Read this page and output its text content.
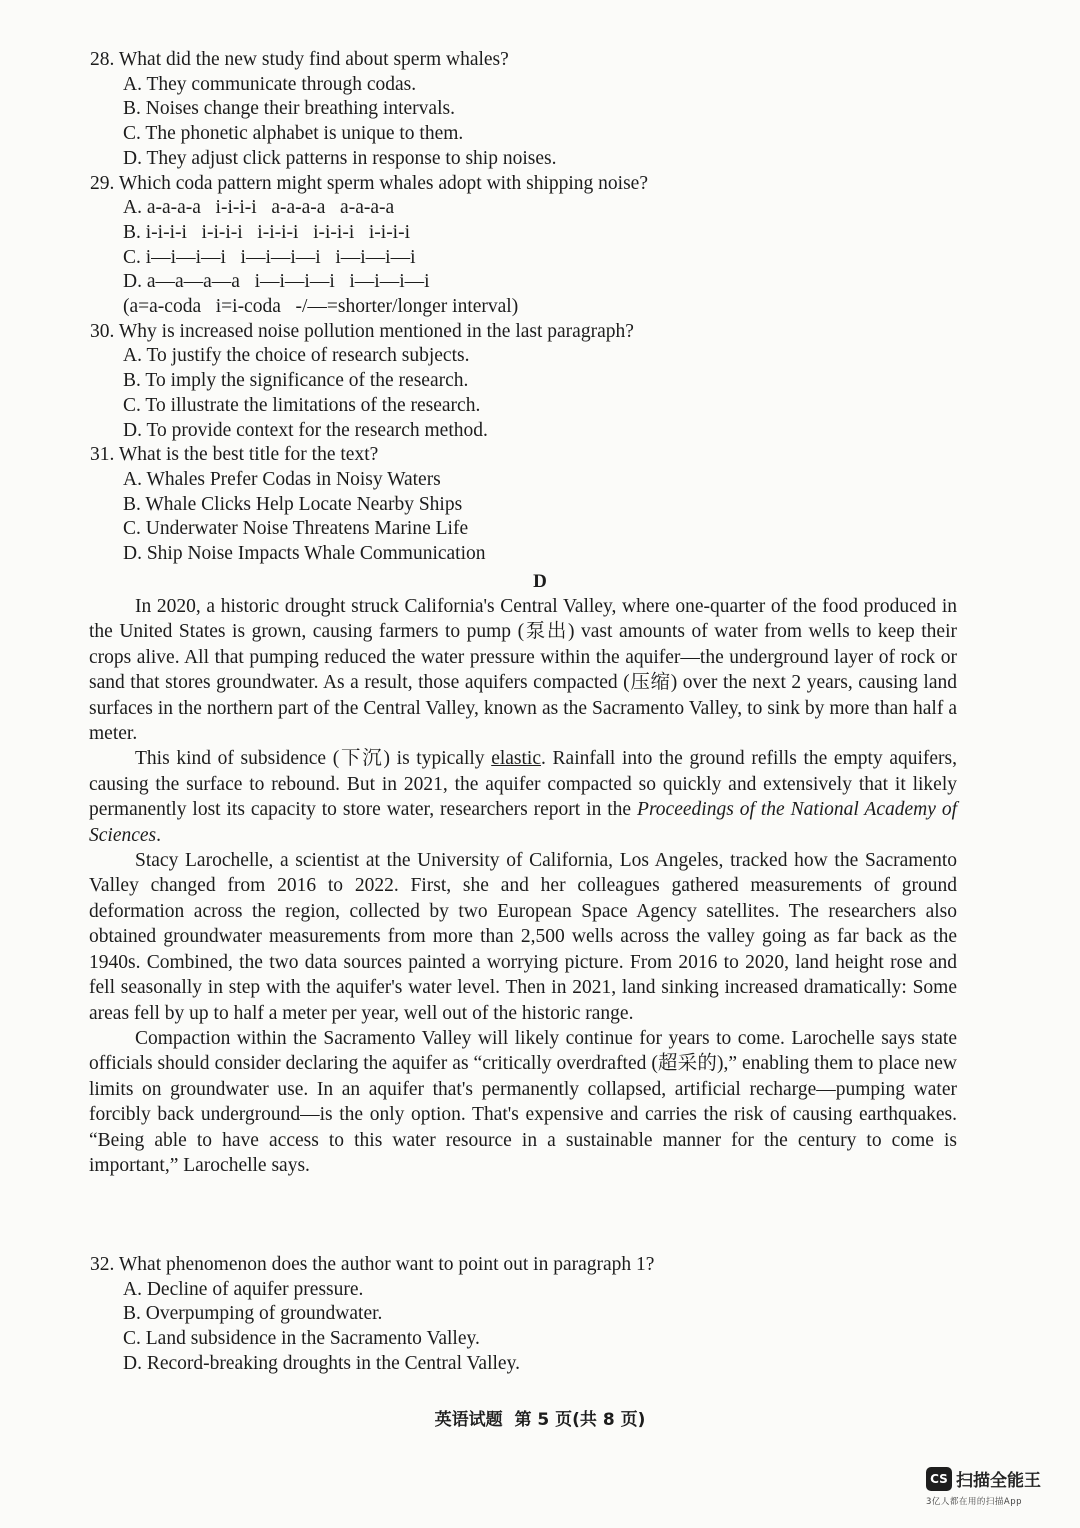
28. What did the new study find about sperm whales?
A. They communicate through codas.
B. Noises change their breathing intervals.
C. The phonetic alphabet is unique to them.
D. They adjust click patterns in response to ship noises.
29. Which coda pattern might sperm whales adopt with shipping noise?
A. a-a-a-a   i-i-i-i   a-a-a-a   a-a-a-a
B. i-i-i-i   i-i-i-i   i-i-i-i   i-i-i-i   i-i-i-i
C. i—i—i—i   i—i—i—i   i—i—i—i
D. a—a—a—a   i—i—i—i   i—i—i—i
(a=a-coda   i=i-coda   -/—=shorter/longer interval)
30. Why is increased noise pollution mentioned in the last paragraph?
A. To justify the choice of research subjects.
B. To imply the significance of the research.
C. To illustrate the limitations of the research.
D. To provide context for the research method.
31. What is the best title for the text?
A. Whales Prefer Codas in Noisy Waters
B. Whale Clicks Help Locate Nearby Ships
C. Underwater Noise Threatens Marine Life
D. Ship Noise Impacts Whale Communication
D

In 2020, a historic drought struck California's Central Valley, where one-quarter of the food produced in the United States is grown, causing farmers to pump (泵出) vast amounts of water from wells to keep their crops alive. All that pumping reduced the water pressure within the aquifer—the underground layer of rock or sand that stores groundwater. As a result, those aquifers compacted (压缩) over the next 2 years, causing land surfaces in the northern part of the Central Valley, known as the Sacramento Valley, to sink by more than half a meter.

This kind of subsidence (下沉) is typically elastic. Rainfall into the ground refills the empty aquifers, causing the surface to rebound. But in 2021, the aquifer compacted so quickly and extensively that it likely permanently lost its capacity to store water, researchers report in the Proceedings of the National Academy of Sciences.

Stacy Larochelle, a scientist at the University of California, Los Angeles, tracked how the Sacramento Valley changed from 2016 to 2022. First, she and her colleagues gathered measurements of ground deformation across the region, collected by two European Space Agency satellites. The researchers also obtained groundwater measurements from more than 2,500 wells across the valley going as far back as the 1940s. Combined, the two data sources painted a worrying picture. From 2016 to 2020, land height rose and fell seasonally in step with the aquifer's water level. Then in 2021, land sinking increased dramatically: Some areas fell by up to half a meter per year, well out of the historic range.

Compaction within the Sacramento Valley will likely continue for years to come. Larochelle says state officials should consider declaring the aquifer as “critically overdrafted (超采的),” enabling them to place new limits on groundwater use. In an aquifer that's permanently collapsed, artificial recharge—pumping water forcibly back underground—is the only option. That's expensive and carries the risk of causing earthquakes. “Being able to have access to this water resource in a sustainable manner for the century to come is important,” Larochelle says.

32. What phenomenon does the author want to point out in paragraph 1?
A. Decline of aquifer pressure.
B. Overpumping of groundwater.
C. Land subsidence in the Sacramento Valley.
D. Record-breaking droughts in the Central Valley.
英语试题  第 5 页(共 8 页)
CS 扫描全能王
3亿人都在用的扫描App
